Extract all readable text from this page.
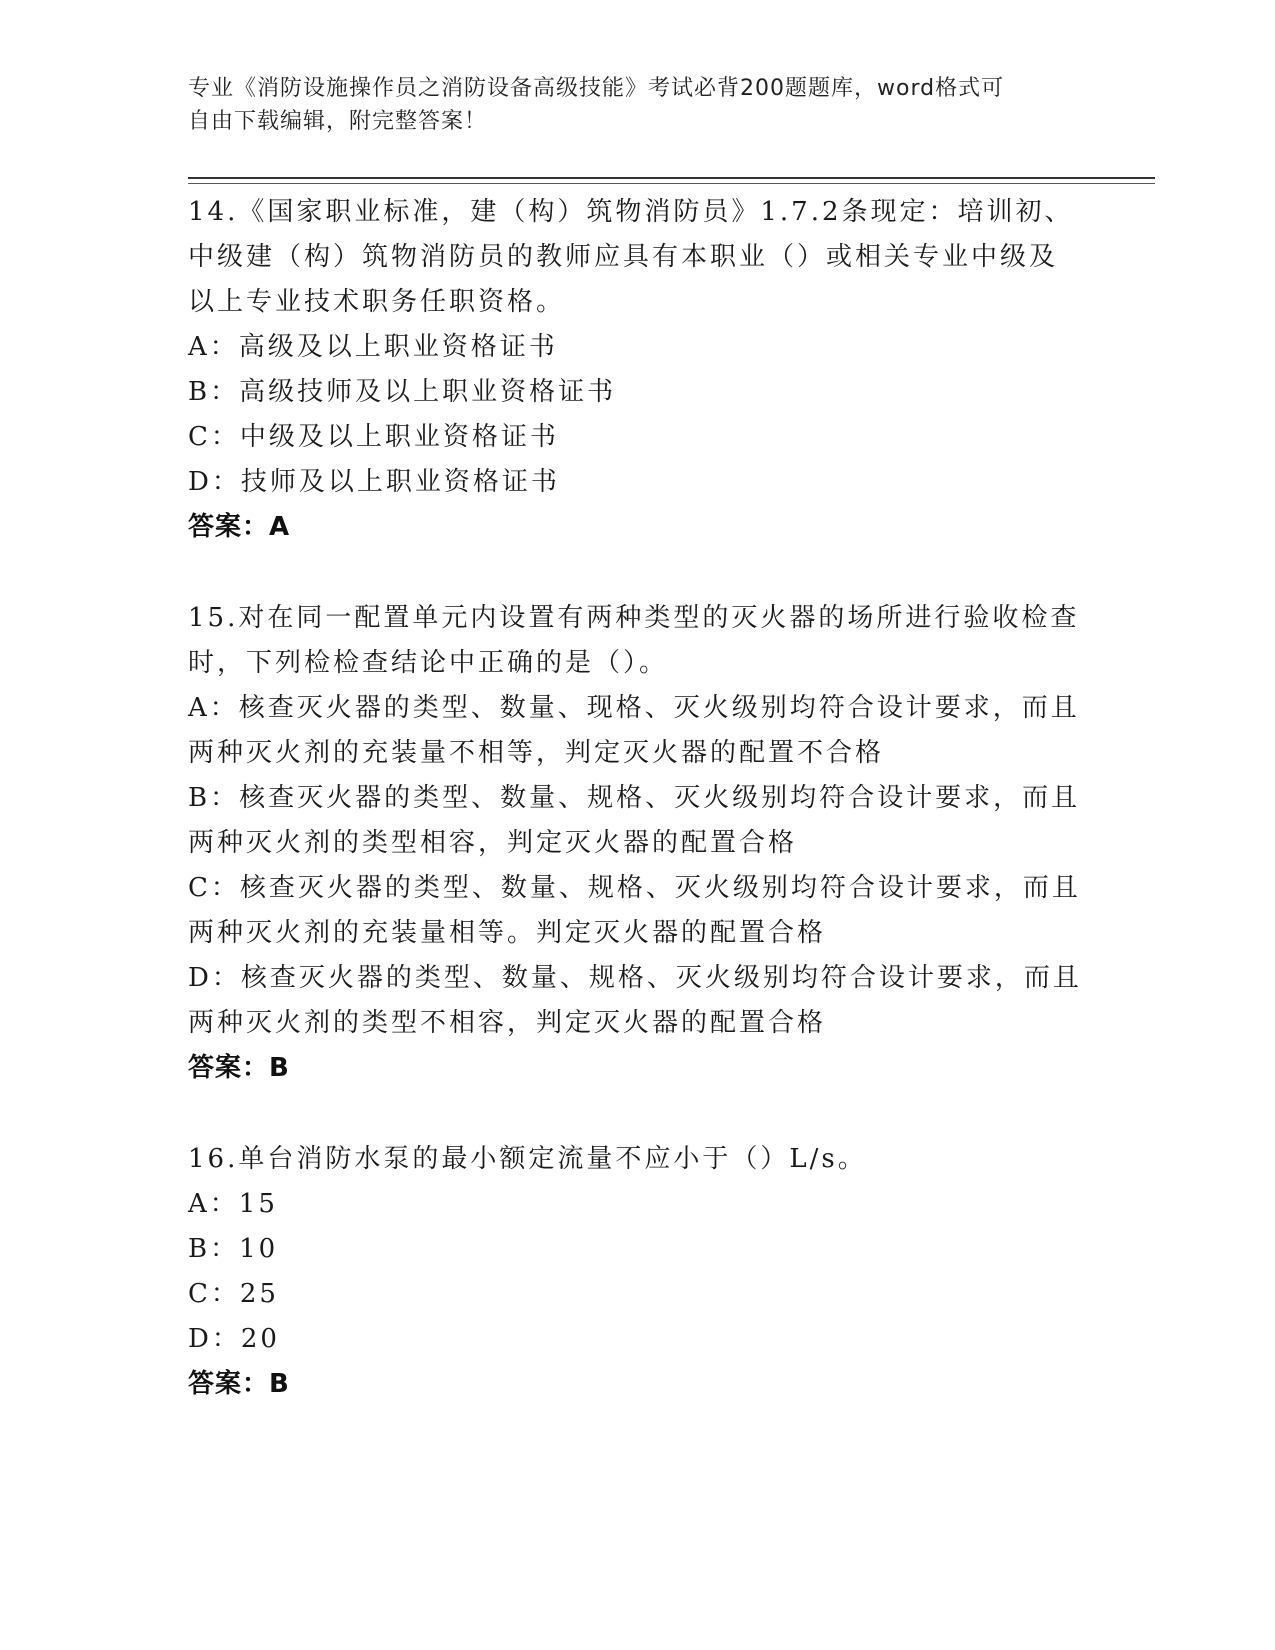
专业《消防设施操作员之消防设备高级技能》考试必背200题题库，word格式可
自由下载编辑，附完整答案！
14.《国家职业标准，建（构）筑物消防员》1.7.2条现定：培训初、
中级建（构）筑物消防员的教师应具有本职业（）或相关专业中级及
以上专业技术职务任职资格。
A：高级及以上职业资格证书
B：高级技师及以上职业资格证书
C：中级及以上职业资格证书
D：技师及以上职业资格证书
答案：A
15.对在同一配置单元内设置有两种类型的灭火器的场所进行验收检查
时，下列检检查结论中正确的是（）。
A：核查灭火器的类型、数量、现格、灭火级别均符合设计要求，而且
两种灭火剂的充装量不相等，判定灭火器的配置不合格
B：核查灭火器的类型、数量、规格、灭火级别均符合设计要求，而且
两种灭火剂的类型相容，判定灭火器的配置合格
C：核查灭火器的类型、数量、规格、灭火级别均符合设计要求，而且
两种灭火剂的充装量相等。判定灭火器的配置合格
D：核查灭火器的类型、数量、规格、灭火级别均符合设计要求，而且
两种灭火剂的类型不相容，判定灭火器的配置合格
答案：B
16.单台消防水泵的最小额定流量不应小于（）L/s。
A：15
B：10
C：25
D：20
答案：B
